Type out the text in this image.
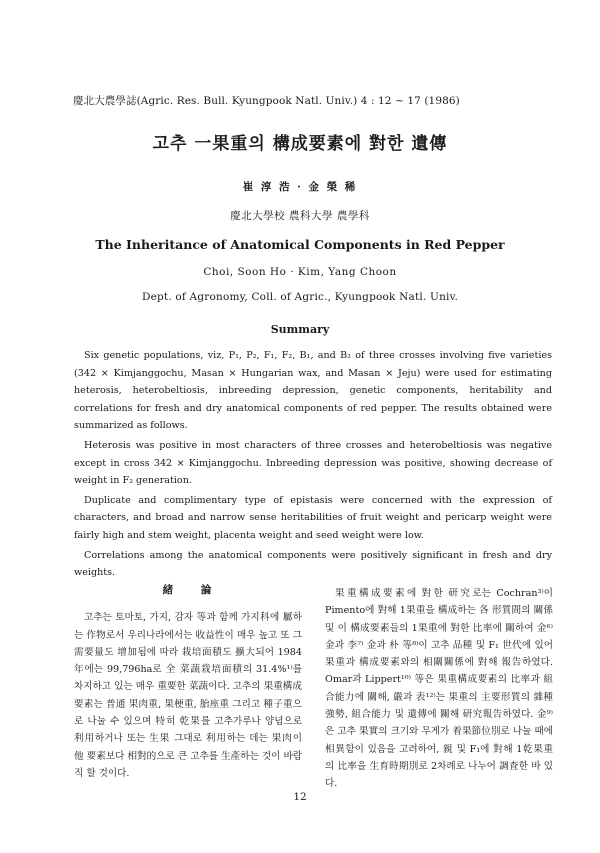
慶北大農學誌(Agric. Res. Bull. Kyungpook Natl. Univ.) 4 : 12 ~ 17 (1986)
고추 一果重의 構成要素에 對한 遺傳
崔 淳 浩 · 金 榮 稀
慶北大學校 農科大學 農學科
The Inheritance of Anatomical Components in Red Pepper
Choi, Soon Ho · Kim, Yang Choon
Dept. of Agronomy, Coll. of Agric., Kyungpook Natl. Univ.
Summary

Six genetic populations, viz, P₁, P₂, F₁, F₂, B₁, and B₂ of three crosses involving five varieties (342 × Kimjanggochu, Masan × Hungarian wax, and Masan × Jeju) were used for estimating heterosis, heterobeltiosis, inbreeding depression, genetic components, heritability and correlations for fresh and dry anatomical components of red pepper. The results obtained were summarized as follows.

Heterosis was positive in most characters of three crosses and heterobeltiosis was negative except in cross 342 × Kimjanggochu. Inbreeding depression was positive, showing decrease of weight in F₂ generation.

Duplicate and complimentary type of epistasis were concerned with the expression of characters, and broad and narrow sense heritabilities of fruit weight and pericarp weight were fairly high and stem weight, placenta weight and seed weight were low.

Correlations among the anatomical components were positively significant in fresh and dry weights.

緒 論

고추는 토마토, 가지, 감자 等과 함께 가지科에 屬하는 作物로서 우리나라에서는 收益性이 매우 높고 또 그 需要量도 增加됨에 따라 栽培面積도 擴大되어 1984年에는 99,796ha로 全 菜蔬栽培面積의 31.4%¹⁾를 차지하고 있는 매우 重要한 菜蔬이다. 고추의 果重構成要素는 普通 果肉重, 果梗重, 胎座重 그리고 種子重으로 나눌 수 있으며 特히 乾果를 고추가루나 양념으로 利用하거나 또는 生果 그대로 利用하는 데는 果肉이 他 要素보다 相對的으로 큰 고추를 生產하는 것이 바람직 할 것이다.

果重構成要素에 對한 研究로는 Cochran³⁾이 Pimento에 對해 1果重을 構成하는 各 形質間의 關係 및 이 構成要素들의 1果重에 對한 比率에 關하여 金⁶⁾ 金과 李⁷⁾ 金과 朴 等⁸⁾이 고추 品種 및 F₁ 世代에 있어 果重과 構成要素와의 相關關係에 對해 報告하였다. Omar과 Lippert¹⁰⁾ 等은 果重構成要素의 比率과 組合能力에 關해, 嚴과 表¹²⁾는 果重의 主要形質의 雜種強勢, 組合能力 및 遺傳에 關해 研究報告하였다. 金⁹⁾은 고추 果實의 크기와 무게가 着果節位別로 나눌 때에 相異함이 있음을 고려하여, 親 및 F₁에 對해 1乾果重의 比率을 生育時期別로 2차례로 나누어 調査한 바 있다.

12
